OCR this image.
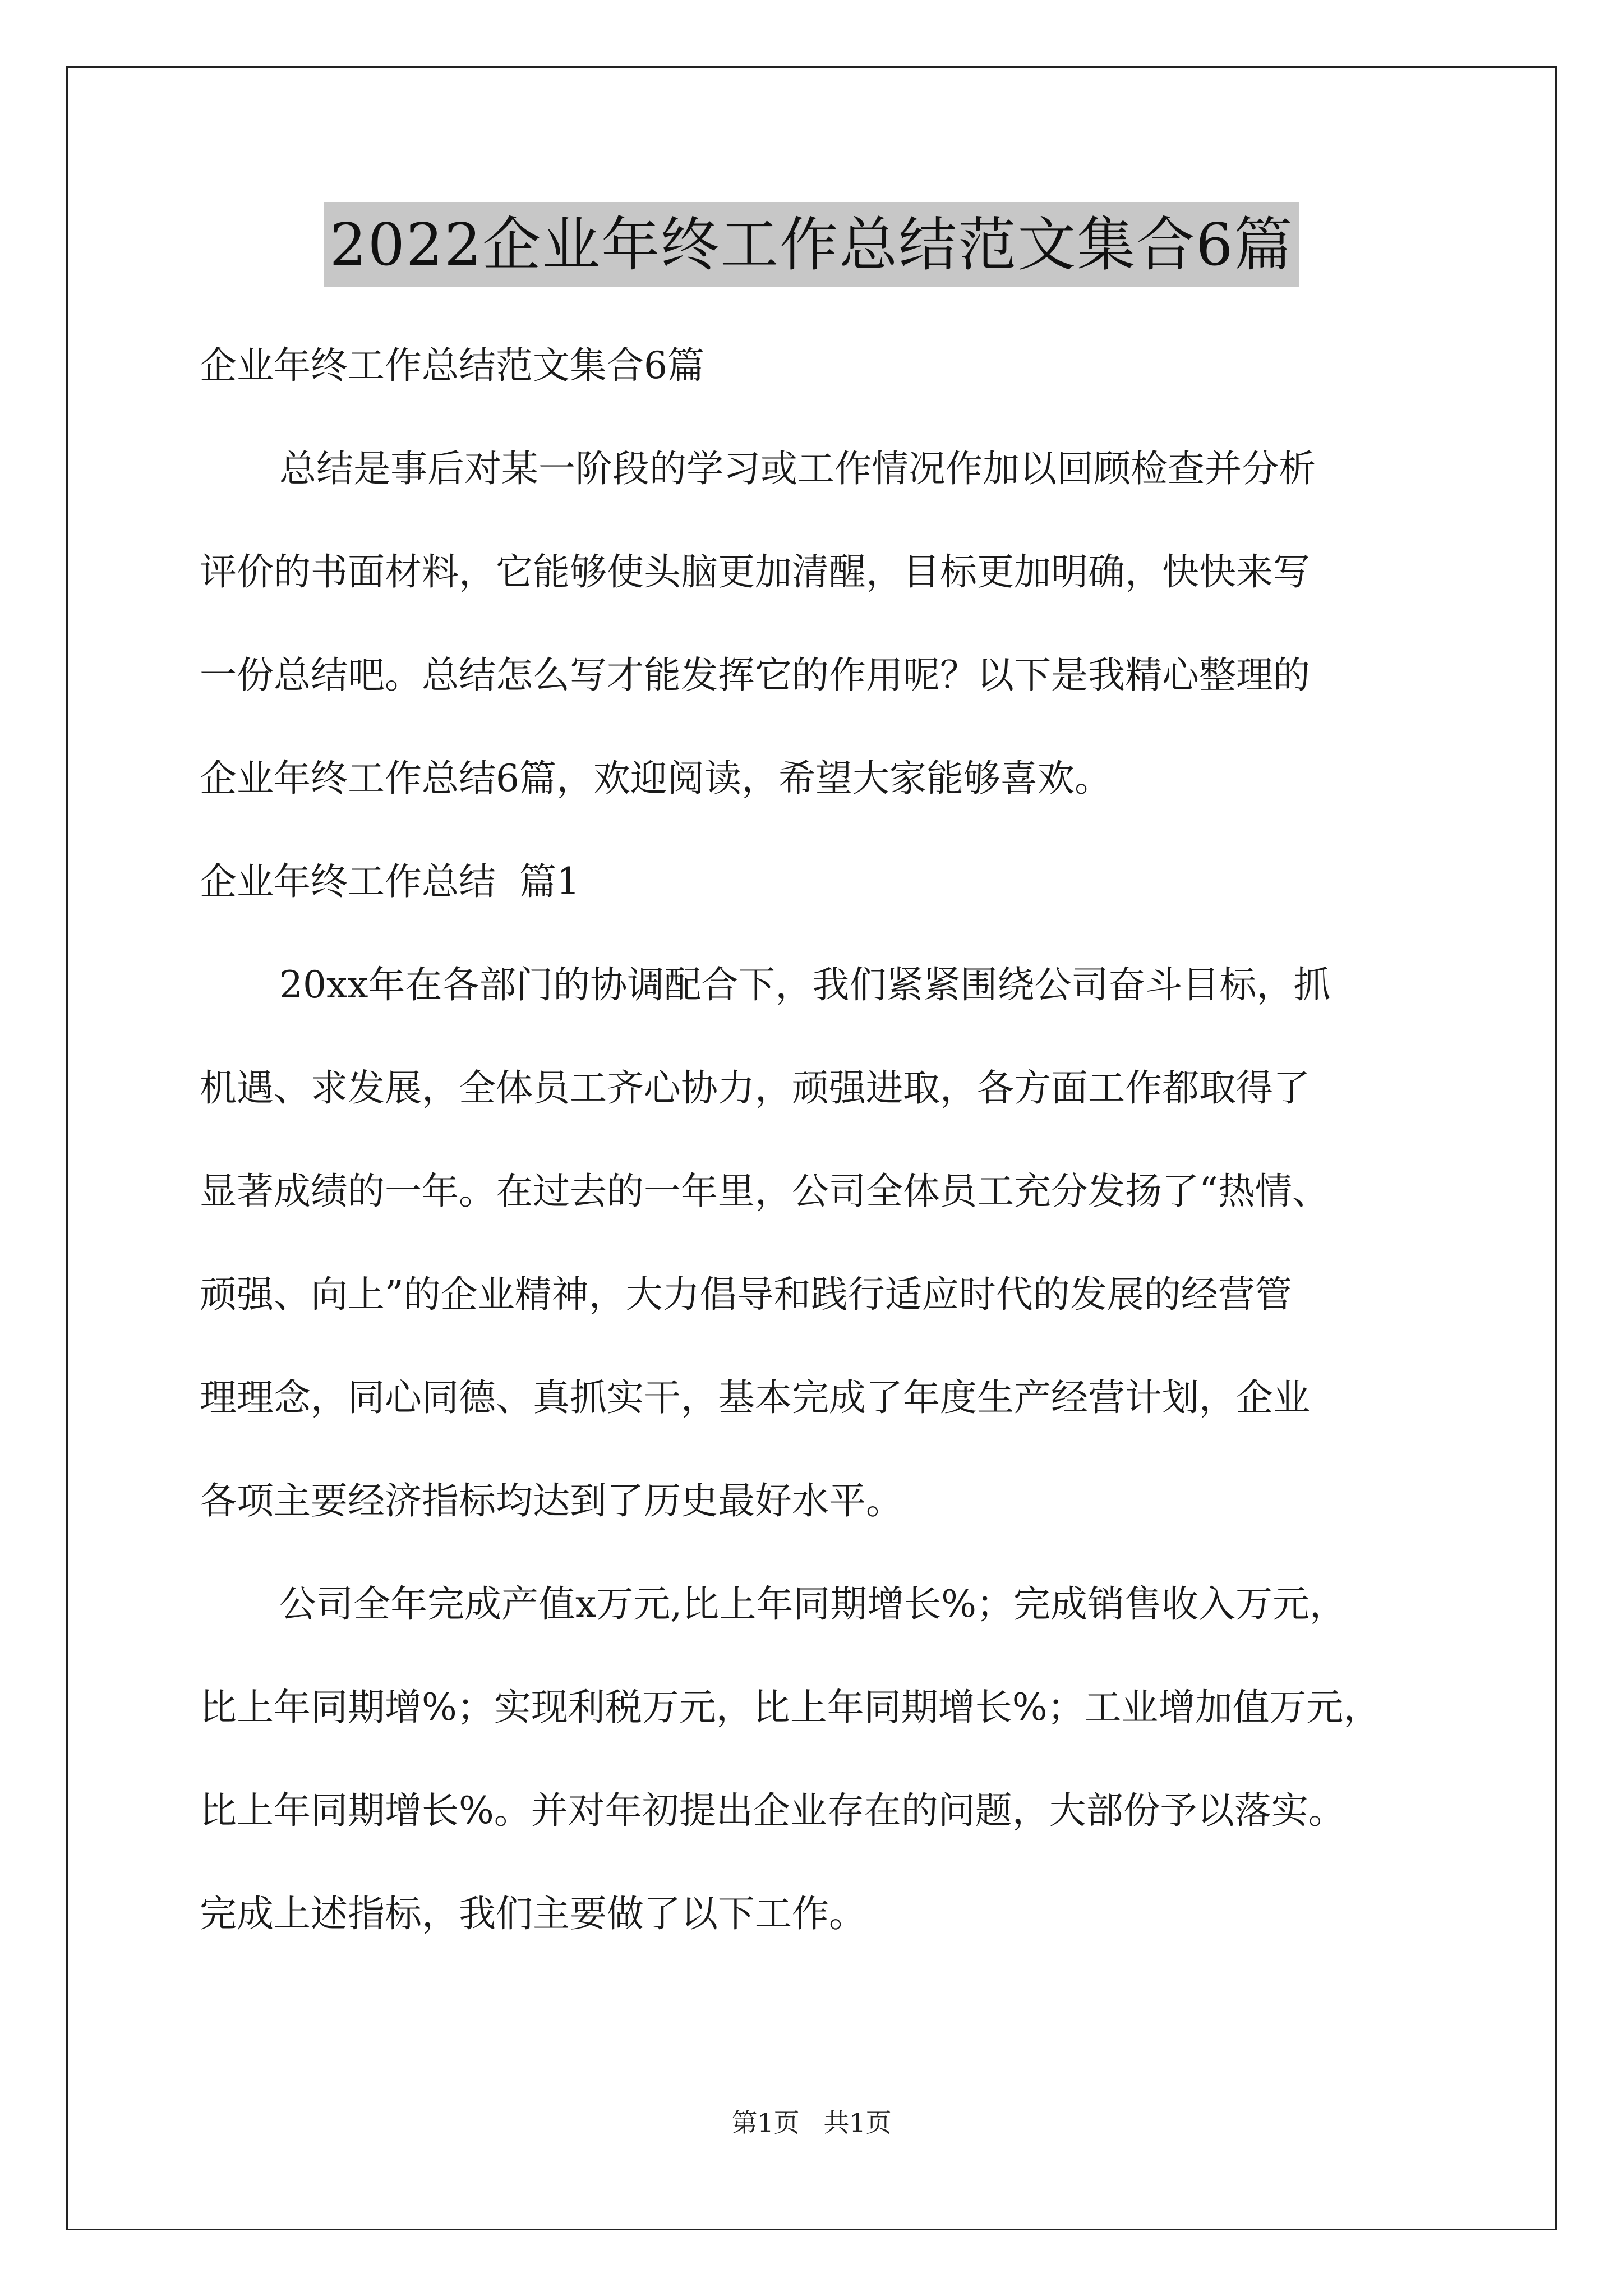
2022企业年终工作总结范文集合6篇

企业年终工作总结范文集合6篇

总结是事后对某一阶段的学习或工作情况作加以回顾检查并分析

评价的书面材料，它能够使头脑更加清醒，目标更加明确，快快来写

一份总结吧。总结怎么写才能发挥它的作用呢？以下是我精心整理的

企业年终工作总结6篇，欢迎阅读，希望大家能够喜欢。

企业年终工作总结  篇1

20xx年在各部门的协调配合下，我们紧紧围绕公司奋斗目标，抓

机遇、求发展，全体员工齐心协力，顽强进取，各方面工作都取得了

显著成绩的一年。在过去的一年里，公司全体员工充分发扬了“热情、

顽强、向上”的企业精神，大力倡导和践行适应时代的发展的经营管

理理念，同心同德、真抓实干，基本完成了年度生产经营计划，企业

各项主要经济指标均达到了历史最好水平。

公司全年完成产值x万元,比上年同期增长%；完成销售收入万元，

比上年同期增%；实现利税万元，比上年同期增长%；工业增加值万元，

比上年同期增长%。并对年初提出企业存在的问题，大部份予以落实。

完成上述指标，我们主要做了以下工作。

第1页 共1页
